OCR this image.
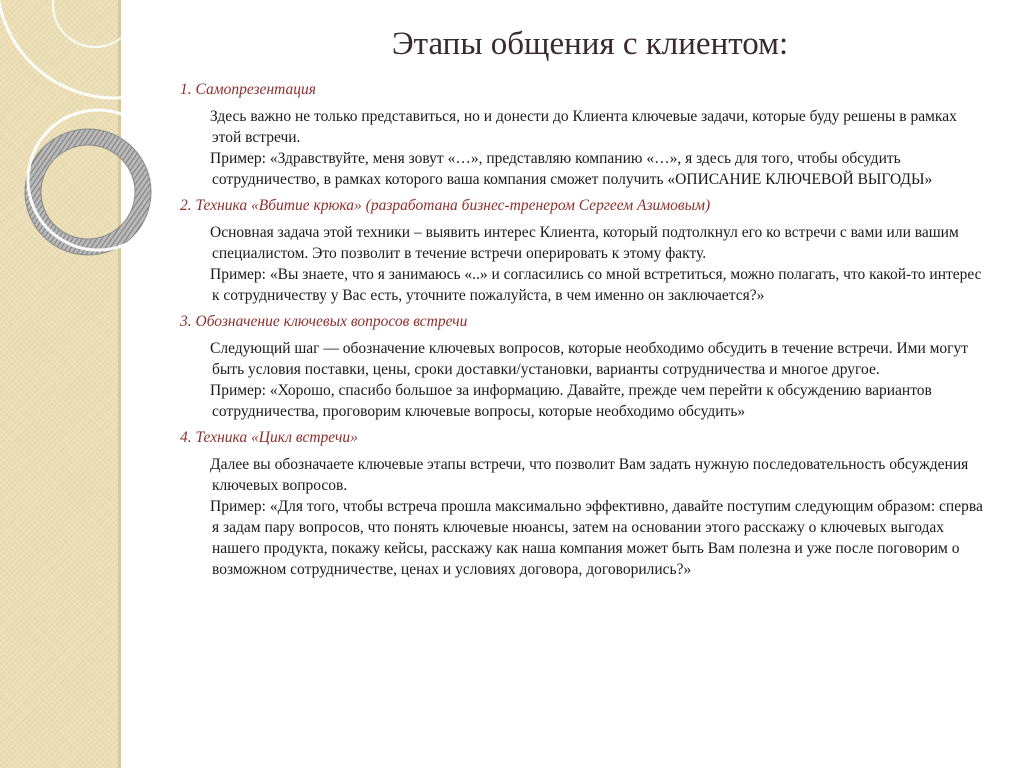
Этапы общения с клиентом:
1. Самопрезентация

Здесь важно не только представиться, но и донести до Клиента ключевые задачи, которые буду решены в рамках этой встречи.

Пример: «Здравствуйте, меня зовут «…», представляю компанию «…», я здесь для того, чтобы обсудить сотрудничество, в рамках которого ваша компания сможет получить «ОПИСАНИЕ КЛЮЧЕВОЙ ВЫГОДЫ»

2. Техника «Вбитие крюка» (разработана бизнес-тренером Сергеем Азимовым)

Основная задача этой техники – выявить интерес Клиента, который подтолкнул его ко встречи с вами или вашим специалистом. Это позволит в течение встречи оперировать к этому факту.

Пример: «Вы знаете, что я занимаюсь «..» и согласились со мной встретиться, можно полагать, что какой-то интерес к сотрудничеству у Вас есть, уточните пожалуйста, в чем именно он заключается?»

3. Обозначение ключевых вопросов встречи

Следующий шаг — обозначение ключевых вопросов, которые необходимо обсудить в течение встречи. Ими могут быть условия поставки, цены, сроки доставки/установки, варианты сотрудничества и многое другое.

Пример: «Хорошо, спасибо большое за информацию. Давайте, прежде чем перейти к обсуждению вариантов сотрудничества, проговорим ключевые вопросы, которые необходимо обсудить»

4. Техника «Цикл встречи»

Далее вы обозначаете ключевые этапы встречи, что позволит Вам задать нужную последовательность обсуждения ключевых вопросов.

Пример: «Для того, чтобы встреча прошла максимально эффективно, давайте поступим следующим образом: сперва я задам пару вопросов, что понять ключевые нюансы, затем на основании этого расскажу о ключевых выгодах нашего продукта, покажу кейсы, расскажу как наша компания может быть Вам полезна и уже после поговорим о возможном сотрудничестве, ценах и условиях договора, договорились?»
